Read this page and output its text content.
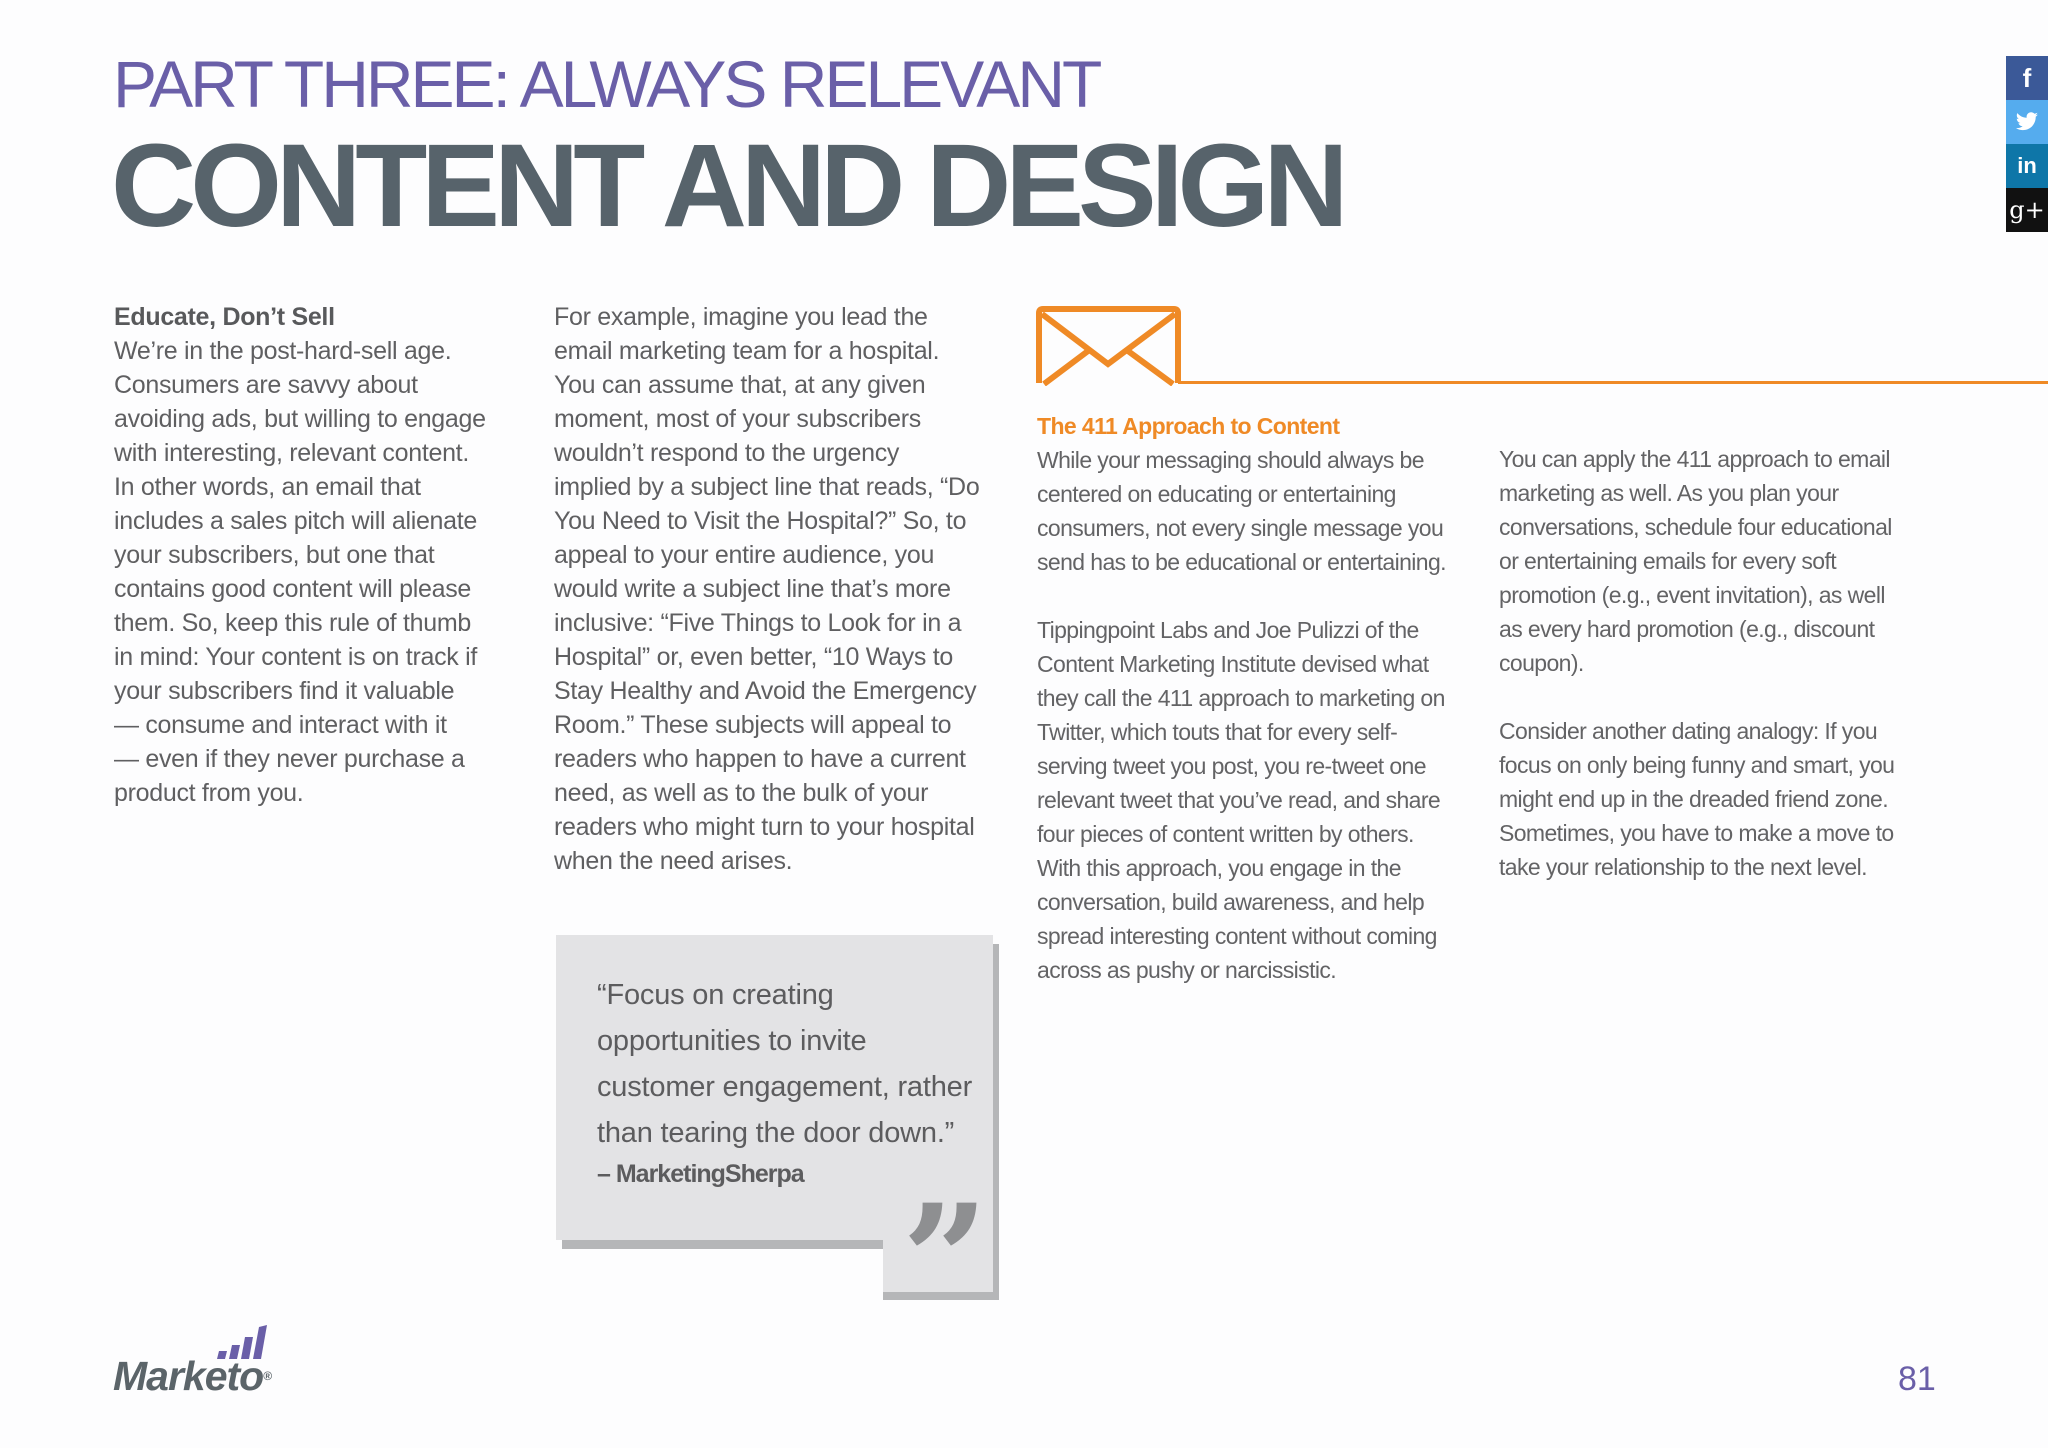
PART THREE: ALWAYS RELEVANT
CONTENT AND DESIGN
f
in
g+
Educate, Don’t Sell
We’re in the post-hard-sell age.
Consumers are savvy about
avoiding ads, but willing to engage
with interesting, relevant content.
In other words, an email that
includes a sales pitch will alienate
your subscribers, but one that
contains good content will please
them. So, keep this rule of thumb
in mind: Your content is on track if
your subscribers find it valuable
— consume and interact with it
— even if they never purchase a
product from you.
For example, imagine you lead the
email marketing team for a hospital.
You can assume that, at any given
moment, most of your subscribers
wouldn’t respond to the urgency
implied by a subject line that reads, “Do
You Need to Visit the Hospital?” So, to
appeal to your entire audience, you
would write a subject line that’s more
inclusive: “Five Things to Look for in a
Hospital” or, even better, “10 Ways to
Stay Healthy and Avoid the Emergency
Room.” These subjects will appeal to
readers who happen to have a current
need, as well as to the bulk of your
readers who might turn to your hospital
when the need arises.
“Focus on creating
opportunities to invite
customer engagement, rather
than tearing the door down.”
– MarketingSherpa ”
The 411 Approach to Content
While your messaging should always be
centered on educating or entertaining
consumers, not every single message you
send has to be educational or entertaining.
Tippingpoint Labs and Joe Pulizzi of the
Content Marketing Institute devised what
they call the 411 approach to marketing on
Twitter, which touts that for every self-
serving tweet you post, you re-tweet one
relevant tweet that you’ve read, and share
four pieces of content written by others.
With this approach, you engage in the
conversation, build awareness, and help
spread interesting content without coming
across as pushy or narcissistic.
You can apply the 411 approach to email
marketing as well. As you plan your
conversations, schedule four educational
or entertaining emails for every soft
promotion (e.g., event invitation), as well
as every hard promotion (e.g., discount
coupon).
Consider another dating analogy: If you
focus on only being funny and smart, you
might end up in the dreaded friend zone.
Sometimes, you have to make a move to
take your relationship to the next level.
Marketo®	81
